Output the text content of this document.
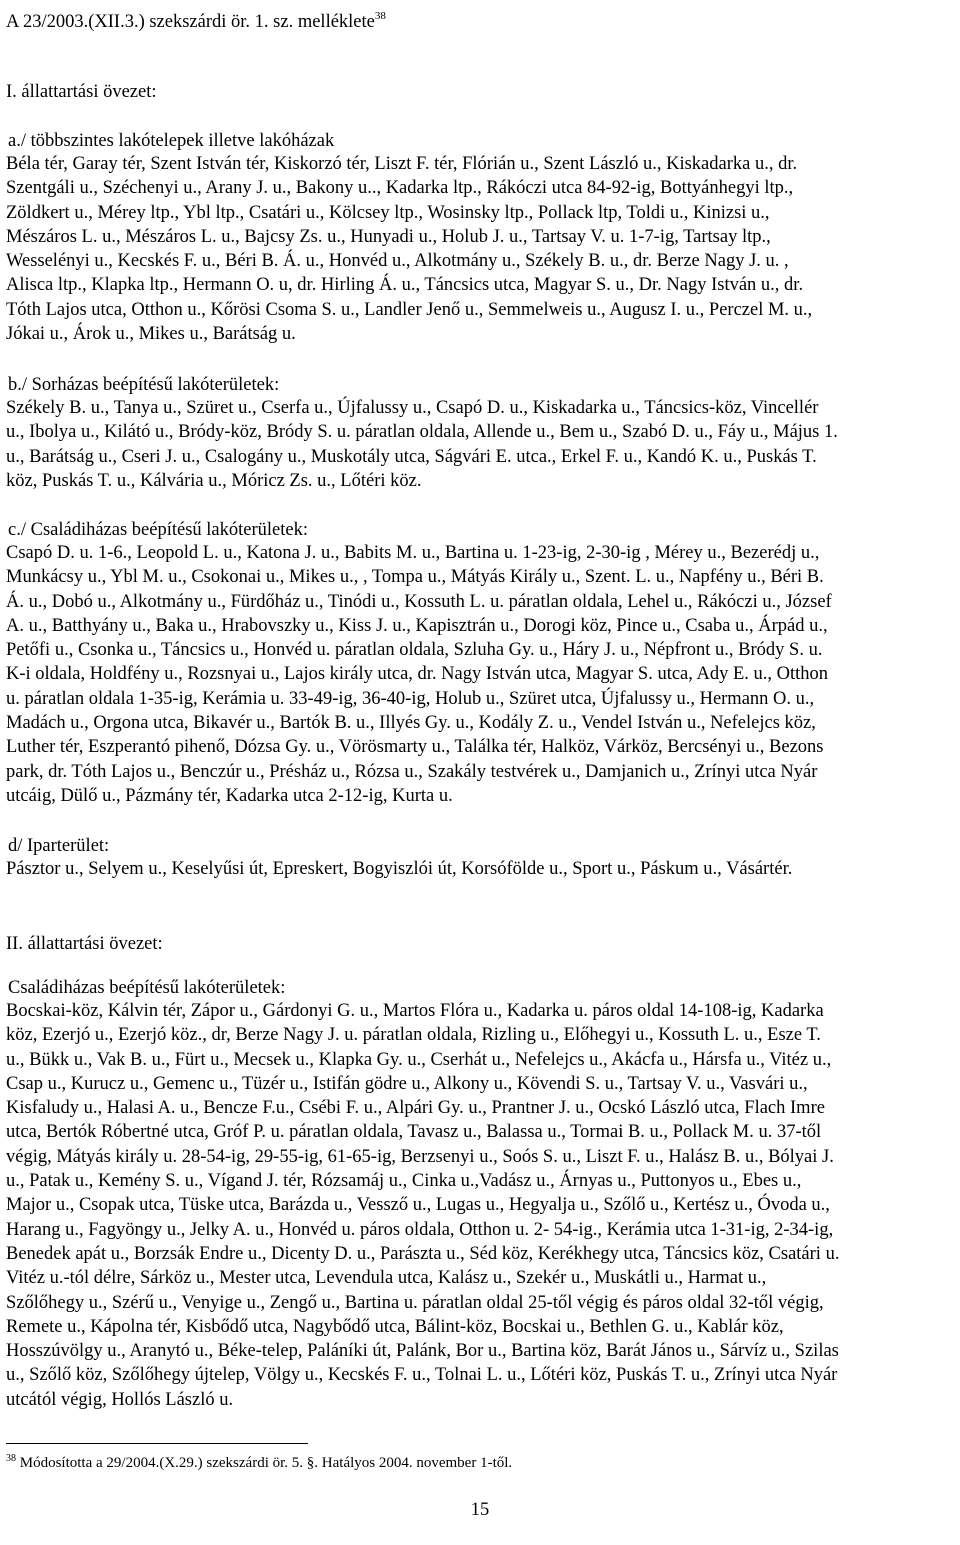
A 23/2003.(XII.3.) szekszárdi ör. 1. sz. melléklete$^{38}$
I. állattartási övezet:
a./ többszintes lakótelepek illetve lakóházak
Béla tér, Garay tér, Szent István tér, Kiskorzó tér, Liszt F. tér, Flórián u., Szent László u., Kiskadarka u., dr.
Szentgáli u., Széchenyi u., Arany J. u., Bakony u.., Kadarka ltp., Rákóczi utca 84-92-ig, Bottyánhegyi ltp.,
Zöldkert u., Mérey ltp., Ybl ltp., Csatári u., Kölcsey ltp., Wosinsky ltp., Pollack ltp, Toldi u., Kinizsi u.,
Mészáros L. u., Mészáros L. u., Bajcsy Zs. u., Hunyadi u., Holub J. u., Tartsay V. u. 1-7-ig, Tartsay ltp.,
Wesselényi u., Kecskés F. u., Béri B. Á. u., Honvéd u., Alkotmány u., Székely B. u., dr. Berze Nagy J. u. ,
Alisca ltp., Klapka ltp., Hermann O. u, dr. Hirling Á. u., Táncsics utca, Magyar S. u., Dr. Nagy István u., dr.
Tóth Lajos utca, Otthon u., Kőrösi Csoma S. u., Landler Jenő u., Semmelweis u., Augusz I. u., Perczel M. u.,
Jókai u., Árok u., Mikes u., Barátság u.
b./ Sorházas beépítésű lakóterületek:
Székely B. u., Tanya u., Szüret u., Cserfa u., Újfalussy u., Csapó D. u., Kiskadarka u., Táncsics-köz, Vincellér
u., Ibolya u., Kilátó u., Bródy-köz, Bródy S. u. páratlan oldala, Allende u., Bem u., Szabó D. u., Fáy u., Május 1.
u., Barátság u., Cseri J. u., Csalogány u., Muskotály utca, Ságvári E. utca., Erkel F. u., Kandó K. u., Puskás T.
köz, Puskás T. u., Kálvária u., Móricz Zs. u., Lőtéri köz.
c./ Családiházas beépítésű lakóterületek:
Csapó D. u. 1-6., Leopold L. u., Katona J. u., Babits M. u., Bartina u. 1-23-ig, 2-30-ig , Mérey u., Bezerédj u.,
Munkácsy u., Ybl M. u., Csokonai u., Mikes u., , Tompa u., Mátyás Király u., Szent. L. u., Napfény u., Béri B.
Á. u., Dobó u., Alkotmány u., Fürdőház u., Tinódi u., Kossuth L. u. páratlan oldala, Lehel u., Rákóczi u., József
A. u., Batthyány u., Baka u., Hrabovszky u., Kiss J. u., Kapisztrán u., Dorogi köz, Pince u., Csaba u., Árpád u.,
Petőfi u., Csonka u., Táncsics u., Honvéd u. páratlan oldala, Szluha Gy. u., Háry J. u., Népfront u., Bródy S. u.
K-i oldala, Holdfény u., Rozsnyai u., Lajos király utca, dr. Nagy István utca, Magyar S. utca, Ady E. u., Otthon
u. páratlan oldala 1-35-ig, Kerámia u. 33-49-ig, 36-40-ig, Holub u., Szüret utca, Újfalussy u., Hermann O. u.,
Madách u., Orgona utca, Bikavér u., Bartók B. u., Illyés Gy. u., Kodály Z. u., Vendel István u., Nefelejcs köz,
Luther tér, Eszperantó pihenő, Dózsa Gy. u., Vörösmarty u., Találka tér, Halköz, Várköz, Bercsényi u., Bezons
park, dr. Tóth Lajos u., Benczúr u., Présház u., Rózsa u., Szakály testvérek u., Damjanich u., Zrínyi utca Nyár
utcáig, Dülő u., Pázmány tér, Kadarka utca 2-12-ig, Kurta u.
d/ Iparterület:
Pásztor u., Selyem u., Keselyűsi út, Epreskert, Bogyiszlói út, Korsófölde u., Sport u., Páskum u., Vásártér.
II. állattartási övezet:
Családiházas beépítésű lakóterületek:
Bocskai-köz, Kálvin tér, Zápor u., Gárdonyi G. u., Martos Flóra u., Kadarka u. páros oldal 14-108-ig, Kadarka
köz, Ezerjó u., Ezerjó köz., dr, Berze Nagy J. u. páratlan oldala, Rizling u., Előhegyi u., Kossuth L. u., Esze T.
u., Bükk u., Vak B. u., Fürt u., Mecsek u., Klapka Gy. u., Cserhát u., Nefelejcs u., Akácfa u., Hársfa u., Vitéz u.,
Csap u., Kurucz u., Gemenc u., Tüzér u., Istifán gödre u., Alkony u., Kövendi S. u., Tartsay V. u., Vasvári u.,
Kisfaludy u., Halasi A. u., Bencze F.u., Csébi F. u., Alpári Gy. u., Prantner J. u., Ocskó László utca, Flach Imre
utca, Bertók Róbertné utca, Gróf P. u. páratlan oldala, Tavasz u., Balassa u., Tormai B. u., Pollack M. u. 37-től
végig, Mátyás király u. 28-54-ig, 29-55-ig, 61-65-ig, Berzsenyi u., Soós S. u., Liszt F. u., Halász B. u., Bólyai J.
u., Patak u., Kemény S. u., Vígand J. tér, Rózsamáj u., Cinka u.,Vadász u., Árnyas u., Puttonyos u., Ebes u.,
Major u., Csopak utca, Tüske utca, Barázda u., Vessző u., Lugas u., Hegyalja u., Szőlő u., Kertész u., Óvoda u.,
Harang u., Fagyöngy u., Jelky A. u., Honvéd u. páros oldala, Otthon u. 2- 54-ig., Kerámia utca 1-31-ig, 2-34-ig,
Benedek apát u., Borzsák Endre u., Dicenty D. u., Parászta u., Séd köz, Kerékhegy utca, Táncsics köz, Csatári u.
Vitéz u.-tól délre, Sárköz u., Mester utca, Levendula utca, Kalász u., Szekér u., Muskátli u., Harmat u.,
Szőlőhegy u., Szérű u., Venyige u., Zengő u., Bartina u. páratlan oldal 25-től végig és páros oldal 32-től végig,
Remete u., Kápolna tér, Kisbődő utca, Nagybődő utca, Bálint-köz, Bocskai u., Bethlen G. u., Kablár köz,
Hosszúvölgy u., Aranytó u., Béke-telep, Paláníki út, Palánk, Bor u., Bartina köz, Barát János u., Sárvíz u., Szilas
u., Szőlő köz, Szőlőhegy újtelep, Völgy u., Kecskés F. u., Tolnai L. u., Lőtéri köz, Puskás T. u., Zrínyi utca Nyár
utcától végig, Hollós László u.
$^{38}$ Módosította a 29/2004.(X.29.) szekszárdi ör. 5. §. Hatályos 2004. november 1-től.
15
